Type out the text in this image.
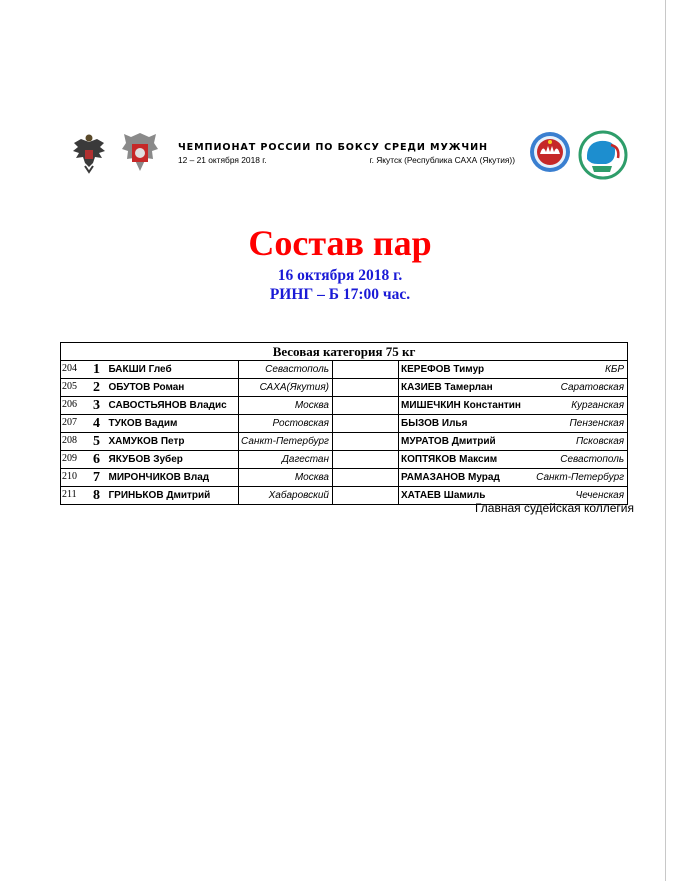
ЧЕМПИОНАТ РОССИИ ПО БОКСУ СРЕДИ МУЖЧИН
12 – 21 октября 2018 г.	г. Якутск (Республика САХА (Якутия))
Состав пар
16 октября 2018 г.
РИНГ – Б 17:00 час.
Весовая категория 75 кг						
204	1	БАКШИ Глеб	Севастополь		КЕРЕФОВ Тимур	КБР
205	2	ОБУТОВ Роман	САХА(Якутия)		КАЗИЕВ Тамерлан	Саратовская
206	3	САВОСТЬЯНОВ Владис	Москва		МИШЕЧКИН Константин	Курганская
207	4	ТУКОВ Вадим	Ростовская		БЫЗОВ Илья	Пензенская
208	5	ХАМУКОВ Петр	Санкт-Петербург		МУРАТОВ Дмитрий	Псковская
209	6	ЯКУБОВ Зубер	Дагестан		КОПТЯКОВ Максим	Севастополь
210	7	МИРОНЧИКОВ Влад	Москва		РАМАЗАНОВ Мурад	Санкт-Петербург
211	8	ГРИНЬКОВ Дмитрий	Хабаровский		ХАТАЕВ Шамиль	Чеченская
Главная судейская коллегия
